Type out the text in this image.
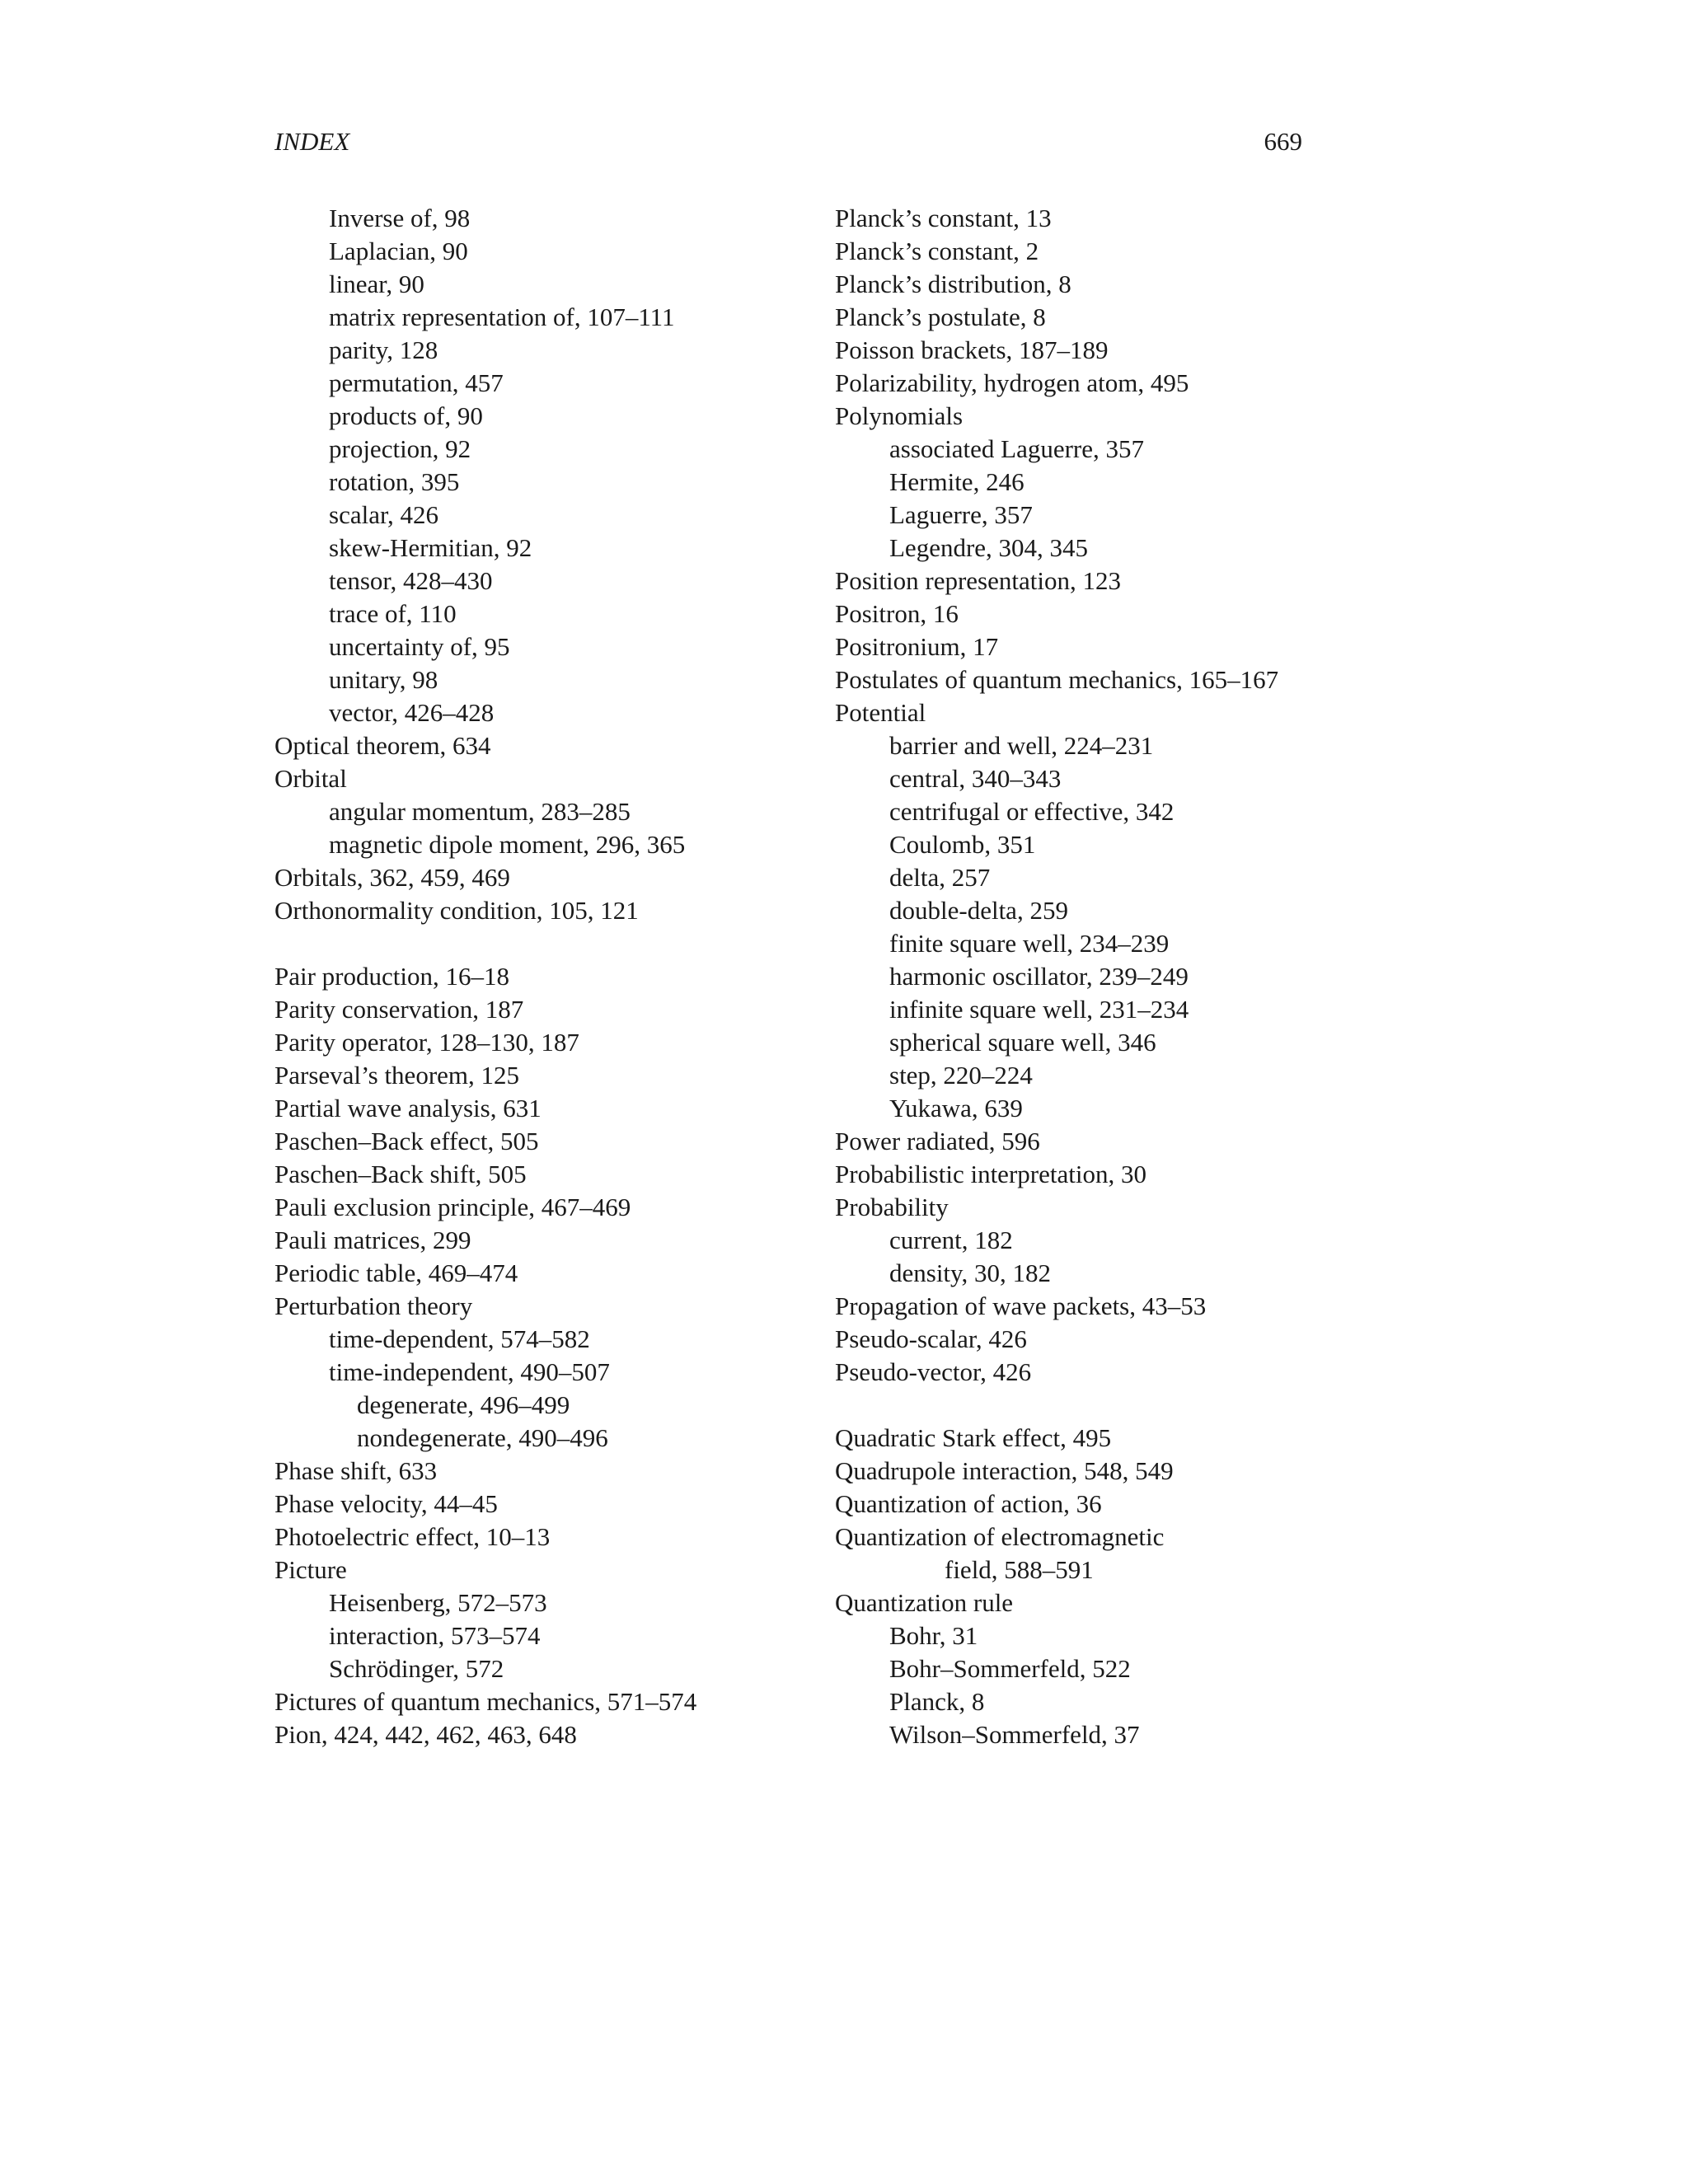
INDEX	669
Inverse of, 98
Laplacian, 90
linear, 90
matrix representation of, 107–111
parity, 128
permutation, 457
products of, 90
projection, 92
rotation, 395
scalar, 426
skew-Hermitian, 92
tensor, 428–430
trace of, 110
uncertainty of, 95
unitary, 98
vector, 426–428
Optical theorem, 634
Orbital
angular momentum, 283–285
magnetic dipole moment, 296, 365
Orbitals, 362, 459, 469
Orthonormality condition, 105, 121
Pair production, 16–18
Parity conservation, 187
Parity operator, 128–130, 187
Parseval’s theorem, 125
Partial wave analysis, 631
Paschen–Back effect, 505
Paschen–Back shift, 505
Pauli exclusion principle, 467–469
Pauli matrices, 299
Periodic table, 469–474
Perturbation theory
time-dependent, 574–582
time-independent, 490–507
degenerate, 496–499
nondegenerate, 490–496
Phase shift, 633
Phase velocity, 44–45
Photoelectric effect, 10–13
Picture
Heisenberg, 572–573
interaction, 573–574
Schrödinger, 572
Pictures of quantum mechanics, 571–574
Pion, 424, 442, 462, 463, 648
Planck’s constant, 13
Planck’s constant, 2
Planck’s distribution, 8
Planck’s postulate, 8
Poisson brackets, 187–189
Polarizability, hydrogen atom, 495
Polynomials
associated Laguerre, 357
Hermite, 246
Laguerre, 357
Legendre, 304, 345
Position representation, 123
Positron, 16
Positronium, 17
Postulates of quantum mechanics, 165–167
Potential
barrier and well, 224–231
central, 340–343
centrifugal or effective, 342
Coulomb, 351
delta, 257
double-delta, 259
finite square well, 234–239
harmonic oscillator, 239–249
infinite square well, 231–234
spherical square well, 346
step, 220–224
Yukawa, 639
Power radiated, 596
Probabilistic interpretation, 30
Probability
current, 182
density, 30, 182
Propagation of wave packets, 43–53
Pseudo-scalar, 426
Pseudo-vector, 426
Quadratic Stark effect, 495
Quadrupole interaction, 548, 549
Quantization of action, 36
Quantization of electromagnetic
field, 588–591
Quantization rule
Bohr, 31
Bohr–Sommerfeld, 522
Planck, 8
Wilson–Sommerfeld, 37
